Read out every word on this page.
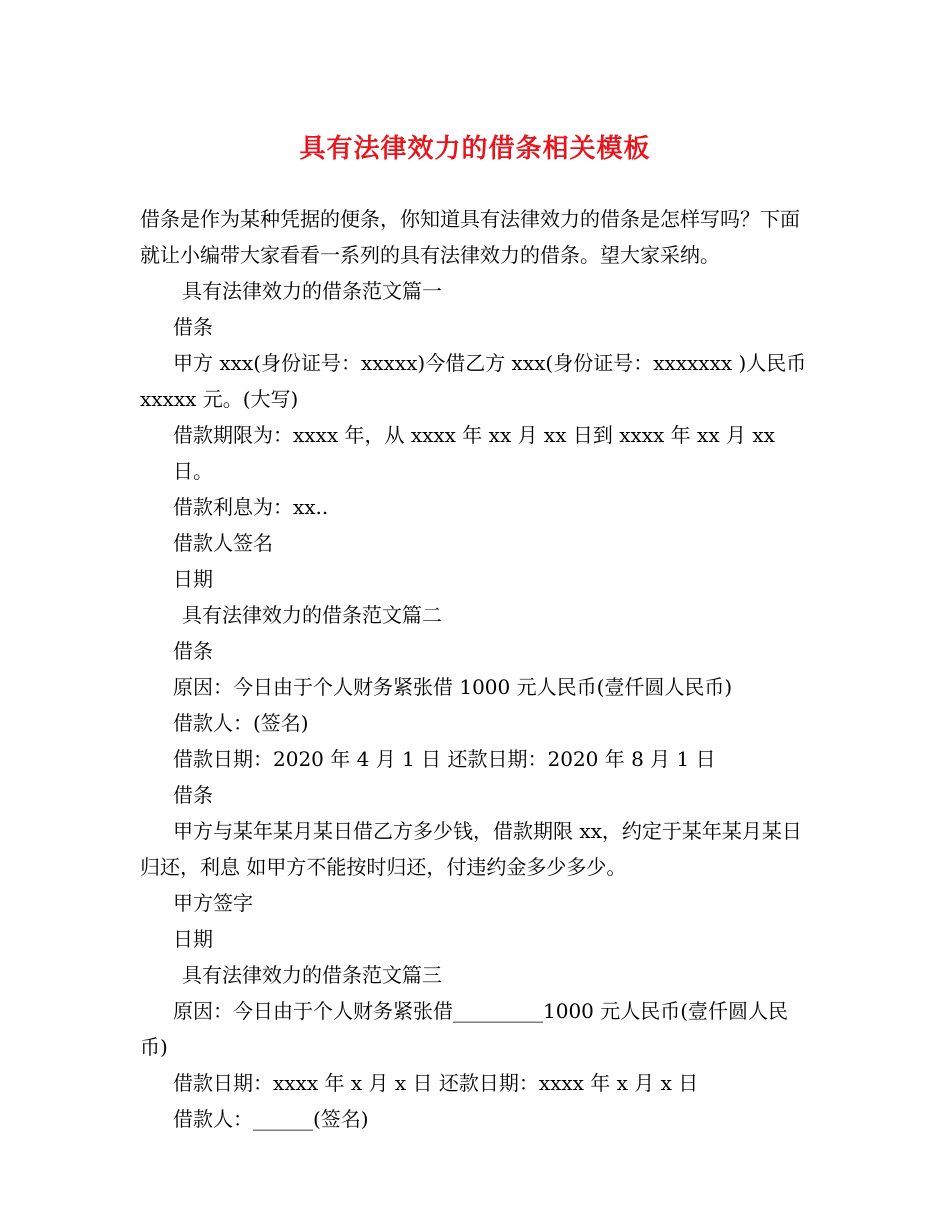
具有法律效力的借条相关模板

借条是作为某种凭据的便条，你知道具有法律效力的借条是怎样写吗？下面就让小编带大家看看一系列的具有法律效力的借条。望大家采纳。

具有法律效力的借条范文篇一

借条

甲方 xxx(身份证号：xxxxx)今借乙方 xxx(身份证号：xxxxxxx )人民币 xxxxx 元。(大写)

借款期限为：xxxx 年，从 xxxx 年 xx 月 xx 日到 xxxx 年 xx 月 xx 日。

借款利息为：xx..

借款人签名

日期

具有法律效力的借条范文篇二

借条

原因：今日由于个人财务紧张借 1000 元人民币(壹仟圆人民币)

借款人：(签名)

借款日期：2020 年 4 月 1 日 还款日期：2020 年 8 月 1 日

借条

甲方与某年某月某日借乙方多少钱，借款期限 xx，约定于某年某月某日归还，利息 如甲方不能按时归还，付违约金多少多少。

甲方签字

日期

具有法律效力的借条范文篇三

原因：今日由于个人财务紧张借_________1000 元人民币(壹仟圆人民币)

借款日期：xxxx 年 x 月 x 日 还款日期：xxxx 年 x 月 x 日

借款人：______(签名)
